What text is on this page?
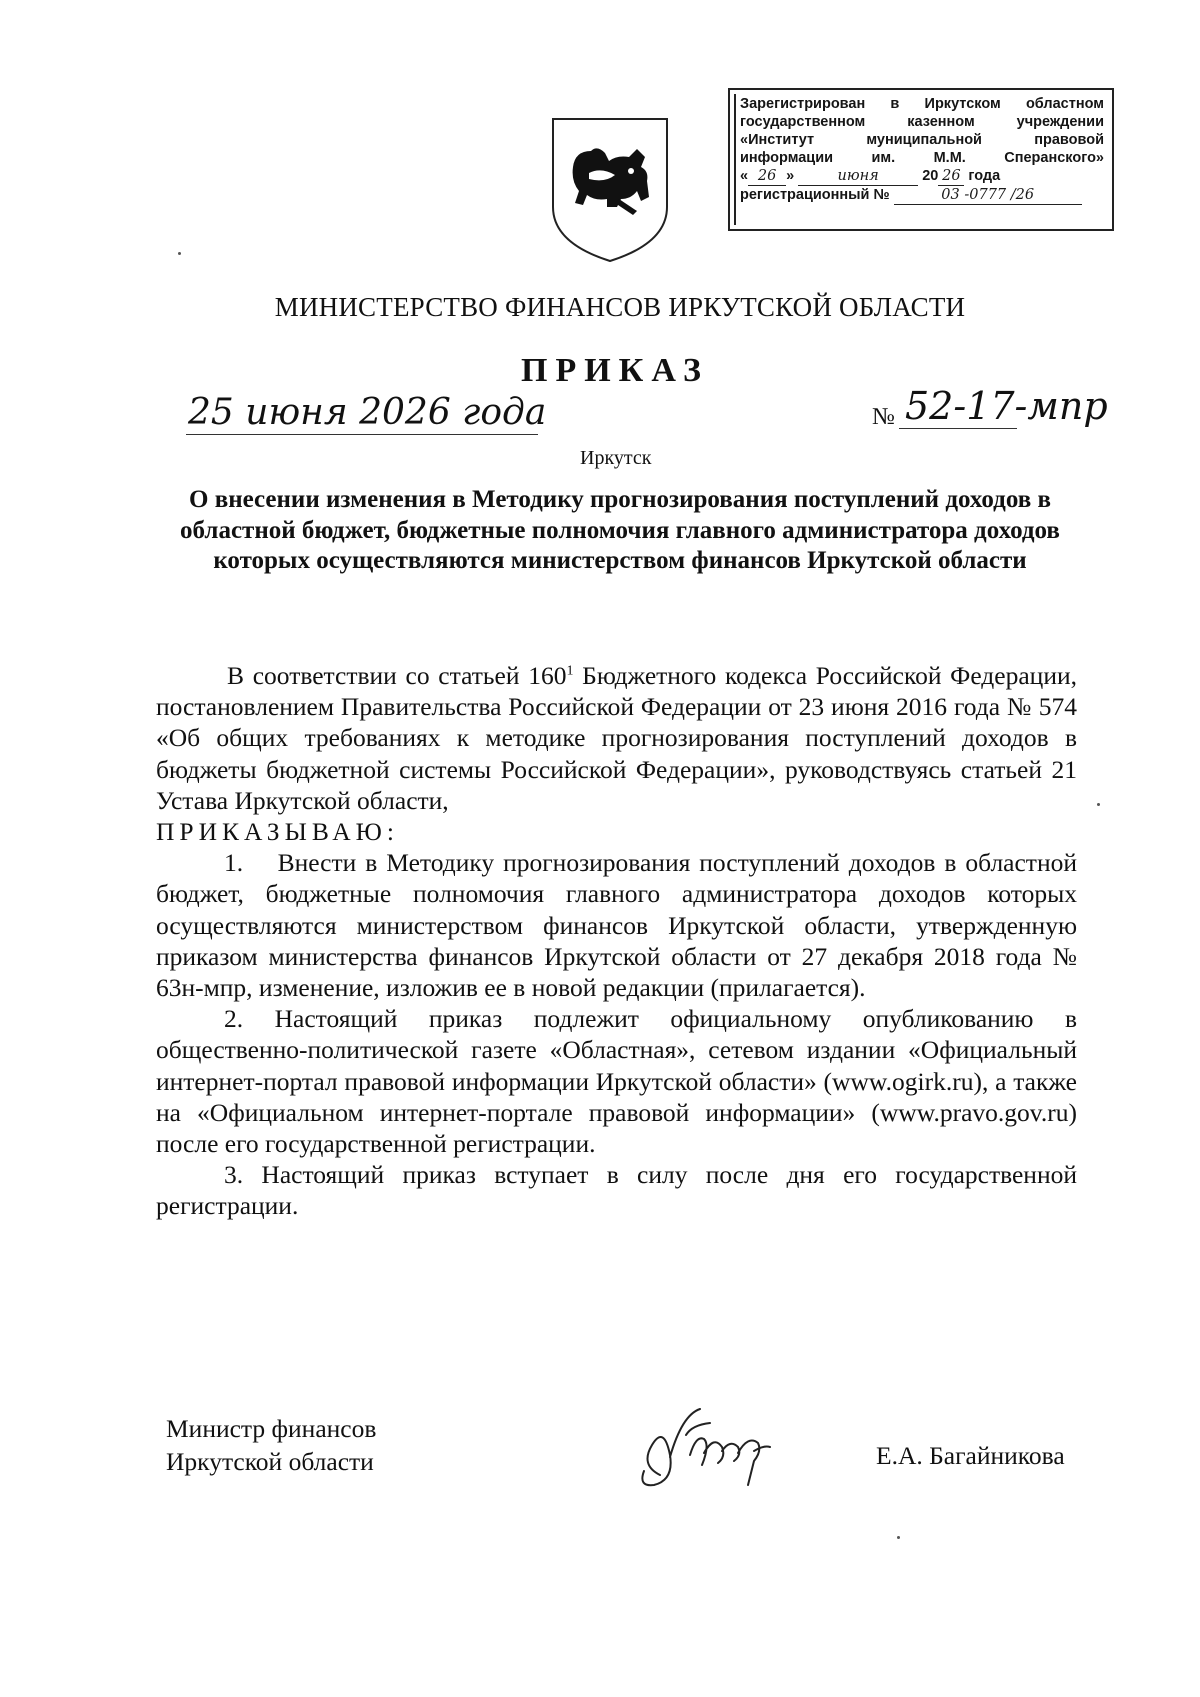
Зарегистрирован в Иркутском областном
государственном казенном учреждении
«Институт муниципальной правовой
информации им. М.М. Сперанского»
« 26 »	июня	20 26 года
регистрационный №	03 -0777 /26
МИНИСТЕРСТВО ФИНАНСОВ ИРКУТСКОЙ ОБЛАСТИ
ПРИКАЗ
25 июня 2026 года	№ 52-17-мпр
Иркутск
О внесении изменения в Методику прогнозирования поступлений доходов в областной бюджет, бюджетные полномочия главного администратора доходов которых осуществляются министерством финансов Иркутской области

В соответствии со статьей $160^1$ Бюджетного кодекса Российской Федерации, постановлением Правительства Российской Федерации от 23 июня 2016 года № 574 «Об общих требованиях к методике прогнозирования поступлений доходов в бюджеты бюджетной системы Российской Федерации», руководствуясь статьей 21 Устава Иркутской области,

ПРИКАЗЫВАЮ:

1.  Внести в Методику прогнозирования поступлений доходов в областной бюджет, бюджетные полномочия главного администратора доходов которых осуществляются министерством финансов Иркутской области, утвержденную приказом министерства финансов Иркутской области от 27 декабря 2018 года № 63н-мпр, изменение, изложив ее в новой редакции (прилагается).

2. Настоящий приказ подлежит официальному опубликованию в общественно-политической газете «Областная», сетевом издании «Официальный интернет-портал правовой информации Иркутской области» (www.ogirk.ru), а также на «Официальном интернет-портале правовой информации» (www.pravo.gov.ru) после его государственной регистрации.

3. Настоящий приказ вступает в силу после дня его государственной регистрации.

Министр финансов
Иркутской области	Е.А. Багайникова
